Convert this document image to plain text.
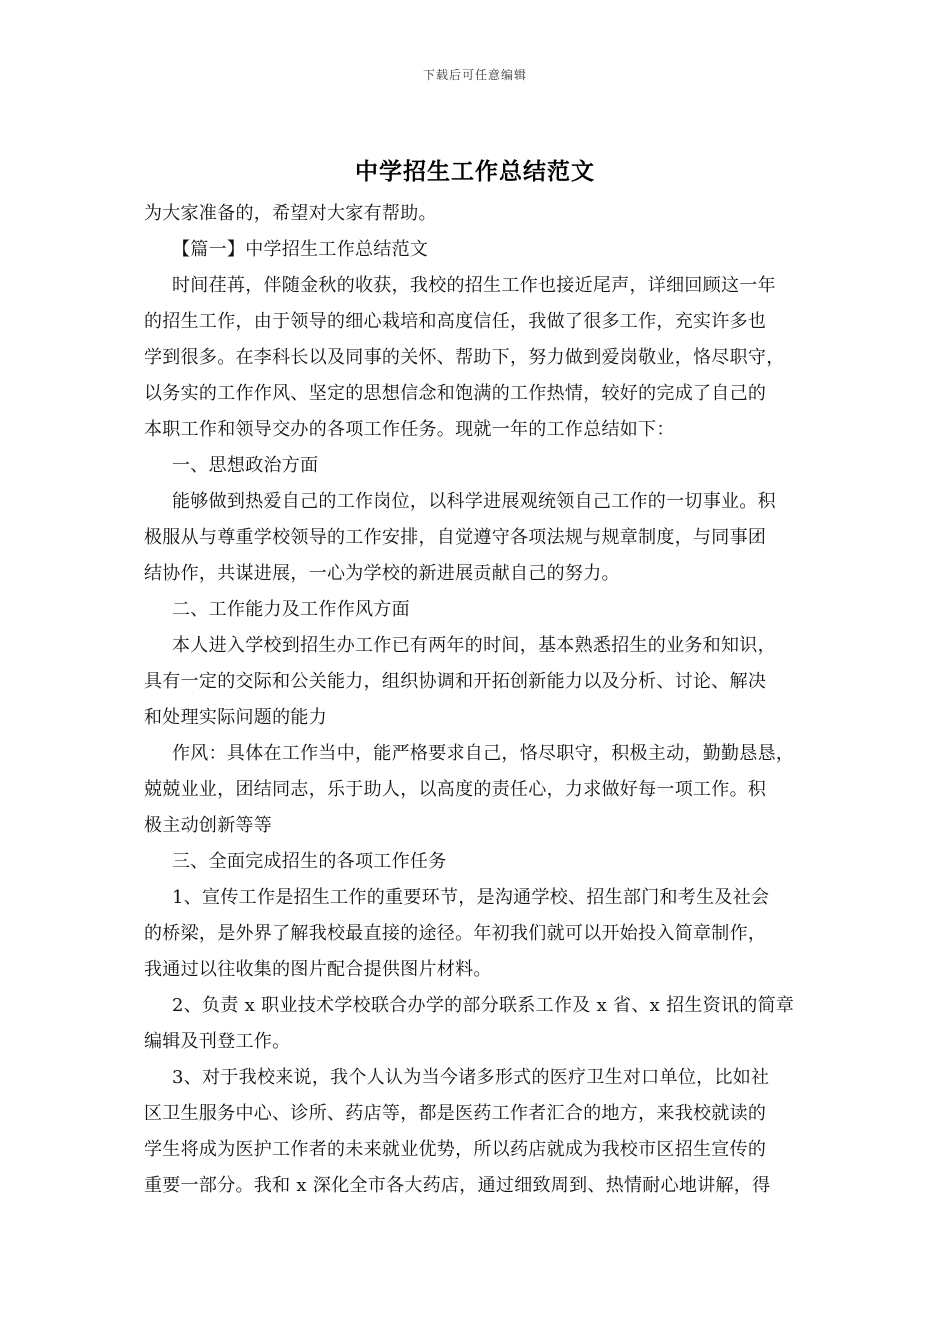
下载后可任意编辑
中学招生工作总结范文
为大家准备的，希望对大家有帮助。
【篇一】中学招生工作总结范文
时间荏苒，伴随金秋的收获，我校的招生工作也接近尾声，详细回顾这一年
的招生工作，由于领导的细心栽培和高度信任，我做了很多工作，充实许多也
学到很多。在李科长以及同事的关怀、帮助下，努力做到爱岗敬业，恪尽职守，
以务实的工作作风、坚定的思想信念和饱满的工作热情，较好的完成了自己的
本职工作和领导交办的各项工作任务。现就一年的工作总结如下：
一、思想政治方面
能够做到热爱自己的工作岗位，以科学进展观统领自己工作的一切事业。积
极服从与尊重学校领导的工作安排，自觉遵守各项法规与规章制度，与同事团
结协作，共谋进展，一心为学校的新进展贡献自己的努力。
二、工作能力及工作作风方面
本人进入学校到招生办工作已有两年的时间，基本熟悉招生的业务和知识，
具有一定的交际和公关能力，组织协调和开拓创新能力以及分析、讨论、解决
和处理实际问题的能力
作风：具体在工作当中，能严格要求自己，恪尽职守，积极主动，勤勤恳恳，
兢兢业业，团结同志，乐于助人，以高度的责任心，力求做好每一项工作。积
极主动创新等等
三、全面完成招生的各项工作任务
1、宣传工作是招生工作的重要环节，是沟通学校、招生部门和考生及社会
的桥梁，是外界了解我校最直接的途径。年初我们就可以开始投入简章制作，
我通过以往收集的图片配合提供图片材料。
2、负责 x 职业技术学校联合办学的部分联系工作及 x 省、x 招生资讯的简章
编辑及刊登工作。
3、对于我校来说，我个人认为当今诸多形式的医疗卫生对口单位，比如社
区卫生服务中心、诊所、药店等，都是医药工作者汇合的地方，来我校就读的
学生将成为医护工作者的未来就业优势，所以药店就成为我校市区招生宣传的
重要一部分。我和 x 深化全市各大药店，通过细致周到、热情耐心地讲解，得
